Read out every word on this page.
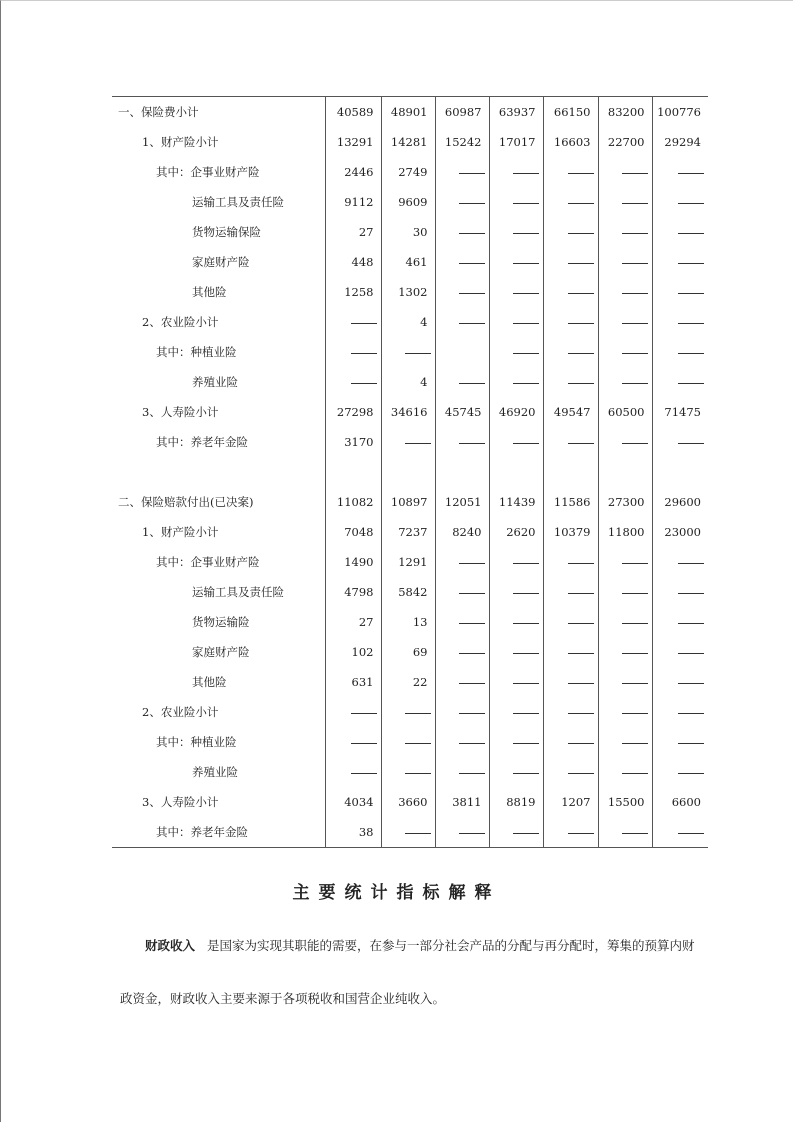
一、保险费小计	40589	48901	60987	63937	66150	83200	100776
1、财产险小计	13291	14281	15242	17017	16603	22700	29294
其中：企事业财产险	2446	2749					
运输工具及责任险	9112	9609					
货物运输保险	27	30					
家庭财产险	448	461					
其他险	1258	1302					
2、农业险小计		4					
其中：种植业险							
养殖业险		4					
3、人寿险小计	27298	34616	45745	46920	49547	60500	71475
其中：养老年金险	3170						

二、保险赔款付出(已决案)	11082	10897	12051	11439	11586	27300	29600
1、财产险小计	7048	7237	8240	2620	10379	11800	23000
其中：企事业财产险	1490	1291					
运输工具及责任险	4798	5842					
货物运输险	27	13					
家庭财产险	102	69					
其他险	631	22					
2、农业险小计							
其中：种植业险							
养殖业险							
3、人寿险小计	4034	3660	3811	8819	1207	15500	6600
其中：养老年金险	38						
主要统计指标解释
财政收入 是国家为实现其职能的需要，在参与一部分社会产品的分配与再分配时，筹集的预算内财
政资金，财政收入主要来源于各项税收和国营企业纯收入。
